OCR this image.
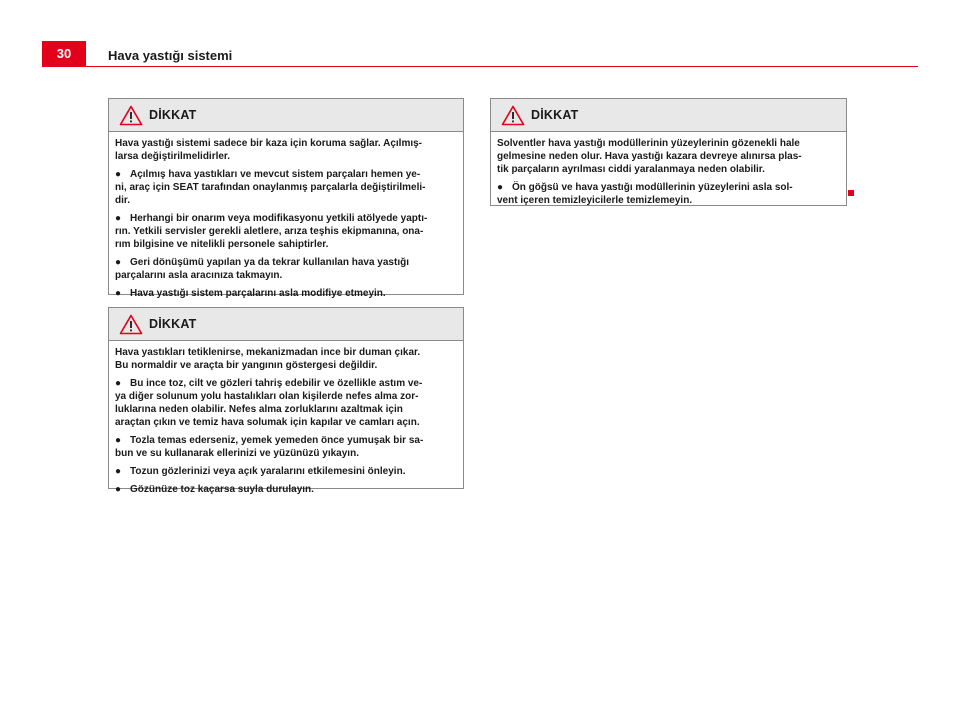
30	Hava yastığı sistemi
DİKKAT

Hava yastığı sistemi sadece bir kaza için koruma sağlar. Açılmış-
larsa değiştirilmelidirler.

● Açılmış hava yastıkları ve mevcut sistem parçaları hemen ye-
ni, araç için SEAT tarafından onaylanmış parçalarla değiştirilmeli-
dir.

● Herhangi bir onarım veya modifikasyonu yetkili atölyede yaptı-
rın. Yetkili servisler gerekli aletlere, arıza teşhis ekipmanına, ona-
rım bilgisine ve nitelikli personele sahiptirler.

● Geri dönüşümü yapılan ya da tekrar kullanılan hava yastığı
parçalarını asla aracınıza takmayın.

● Hava yastığı sistem parçalarını asla modifiye etmeyin.

DİKKAT

Hava yastıkları tetiklenirse, mekanizmadan ince bir duman çıkar.
Bu normaldir ve araçta bir yangının göstergesi değildir.

● Bu ince toz, cilt ve gözleri tahriş edebilir ve özellikle astım ve-
ya diğer solunum yolu hastalıkları olan kişilerde nefes alma zor-
luklarına neden olabilir. Nefes alma zorluklarını azaltmak için
araçtan çıkın ve temiz hava solumak için kapılar ve camları açın.

● Tozla temas ederseniz, yemek yemeden önce yumuşak bir sa-
bun ve su kullanarak ellerinizi ve yüzünüzü yıkayın.

● Tozun gözlerinizi veya açık yaralarını etkilemesini önleyin.

● Gözünüze toz kaçarsa suyla durulayın.

DİKKAT

Solventler hava yastığı modüllerinin yüzeylerinin gözenekli hale
gelmesine neden olur. Hava yastığı kazara devreye alınırsa plas-
tik parçaların ayrılması ciddi yaralanmaya neden olabilir.

● Ön göğsü ve hava yastığı modüllerinin yüzeylerini asla sol-
vent içeren temizleyicilerle temizlemeyin.
